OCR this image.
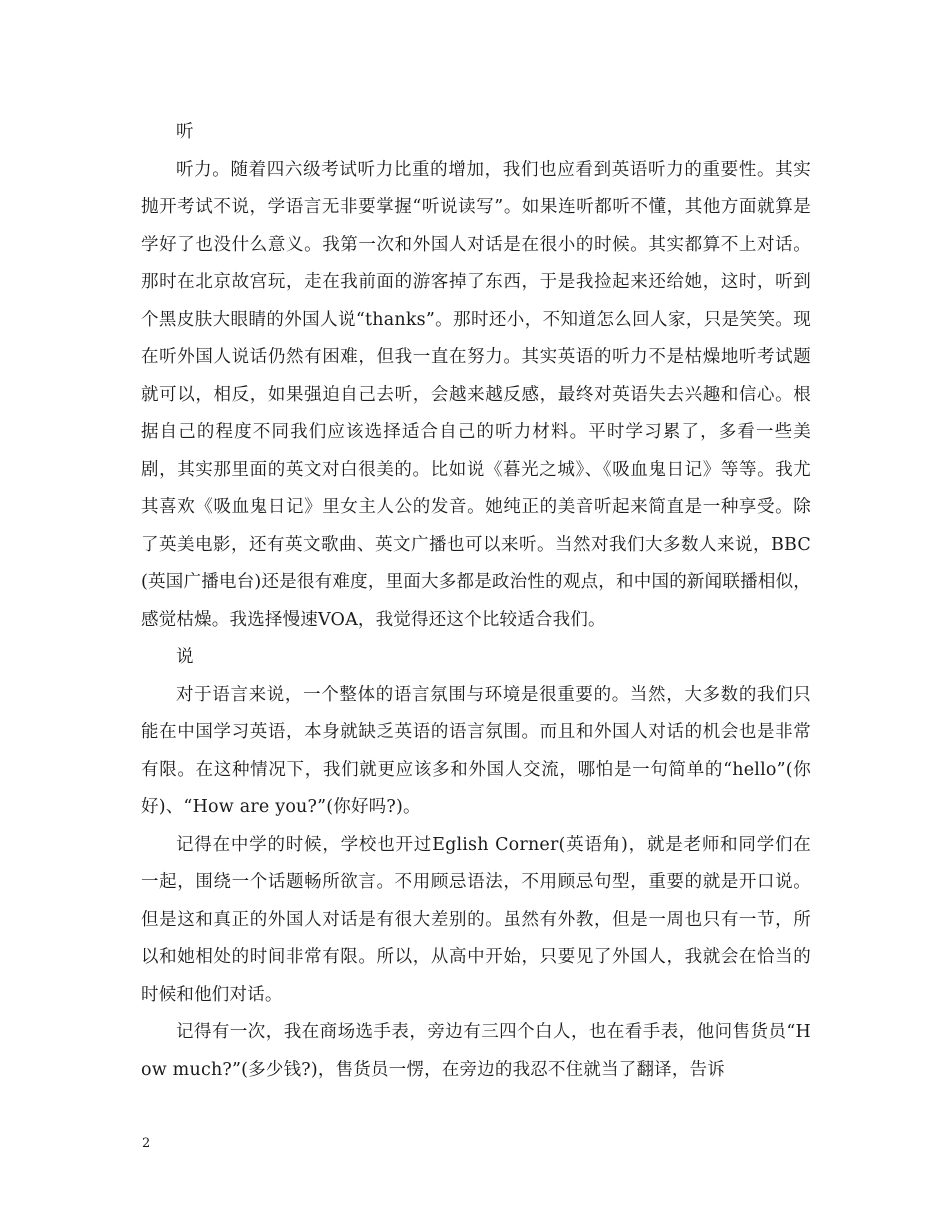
听

听力。随着四六级考试听力比重的增加，我们也应看到英语听力的重要性。其实抛开考试不说，学语言无非要掌握“听说读写”。如果连听都听不懂，其他方面就算是学好了也没什么意义。我第一次和外国人对话是在很小的时候。其实都算不上对话。那时在北京故宫玩，走在我前面的游客掉了东西，于是我捡起来还给她，这时，听到个黑皮肤大眼睛的外国人说“thanks”。那时还小，不知道怎么回人家，只是笑笑。现在听外国人说话仍然有困难，但我一直在努力。其实英语的听力不是枯燥地听考试题就可以，相反，如果强迫自己去听，会越来越反感，最终对英语失去兴趣和信心。根据自己的程度不同我们应该选择适合自己的听力材料。平时学习累了，多看一些美剧，其实那里面的英文对白很美的。比如说《暮光之城》、《吸血鬼日记》等等。我尤其喜欢《吸血鬼日记》里女主人公的发音。她纯正的美音听起来简直是一种享受。除了英美电影，还有英文歌曲、英文广播也可以来听。当然对我们大多数人来说，BBC(英国广播电台)还是很有难度，里面大多都是政治性的观点，和中国的新闻联播相似，感觉枯燥。我选择慢速VOA，我觉得还这个比较适合我们。

说

对于语言来说，一个整体的语言氛围与环境是很重要的。当然，大多数的我们只能在中国学习英语，本身就缺乏英语的语言氛围。而且和外国人对话的机会也是非常有限。在这种情况下，我们就更应该多和外国人交流，哪怕是一句简单的“hello”(你好)、“How are you?”(你好吗?)。

记得在中学的时候，学校也开过Eglish Corner(英语角)，就是老师和同学们在一起，围绕一个话题畅所欲言。不用顾忌语法，不用顾忌句型，重要的就是开口说。但是这和真正的外国人对话是有很大差别的。虽然有外教，但是一周也只有一节，所以和她相处的时间非常有限。所以，从高中开始，只要见了外国人，我就会在恰当的时候和他们对话。

记得有一次，我在商场选手表，旁边有三四个白人，也在看手表，他问售货员“How much?”(多少钱?)，售货员一愣，在旁边的我忍不住就当了翻译，告诉

2
